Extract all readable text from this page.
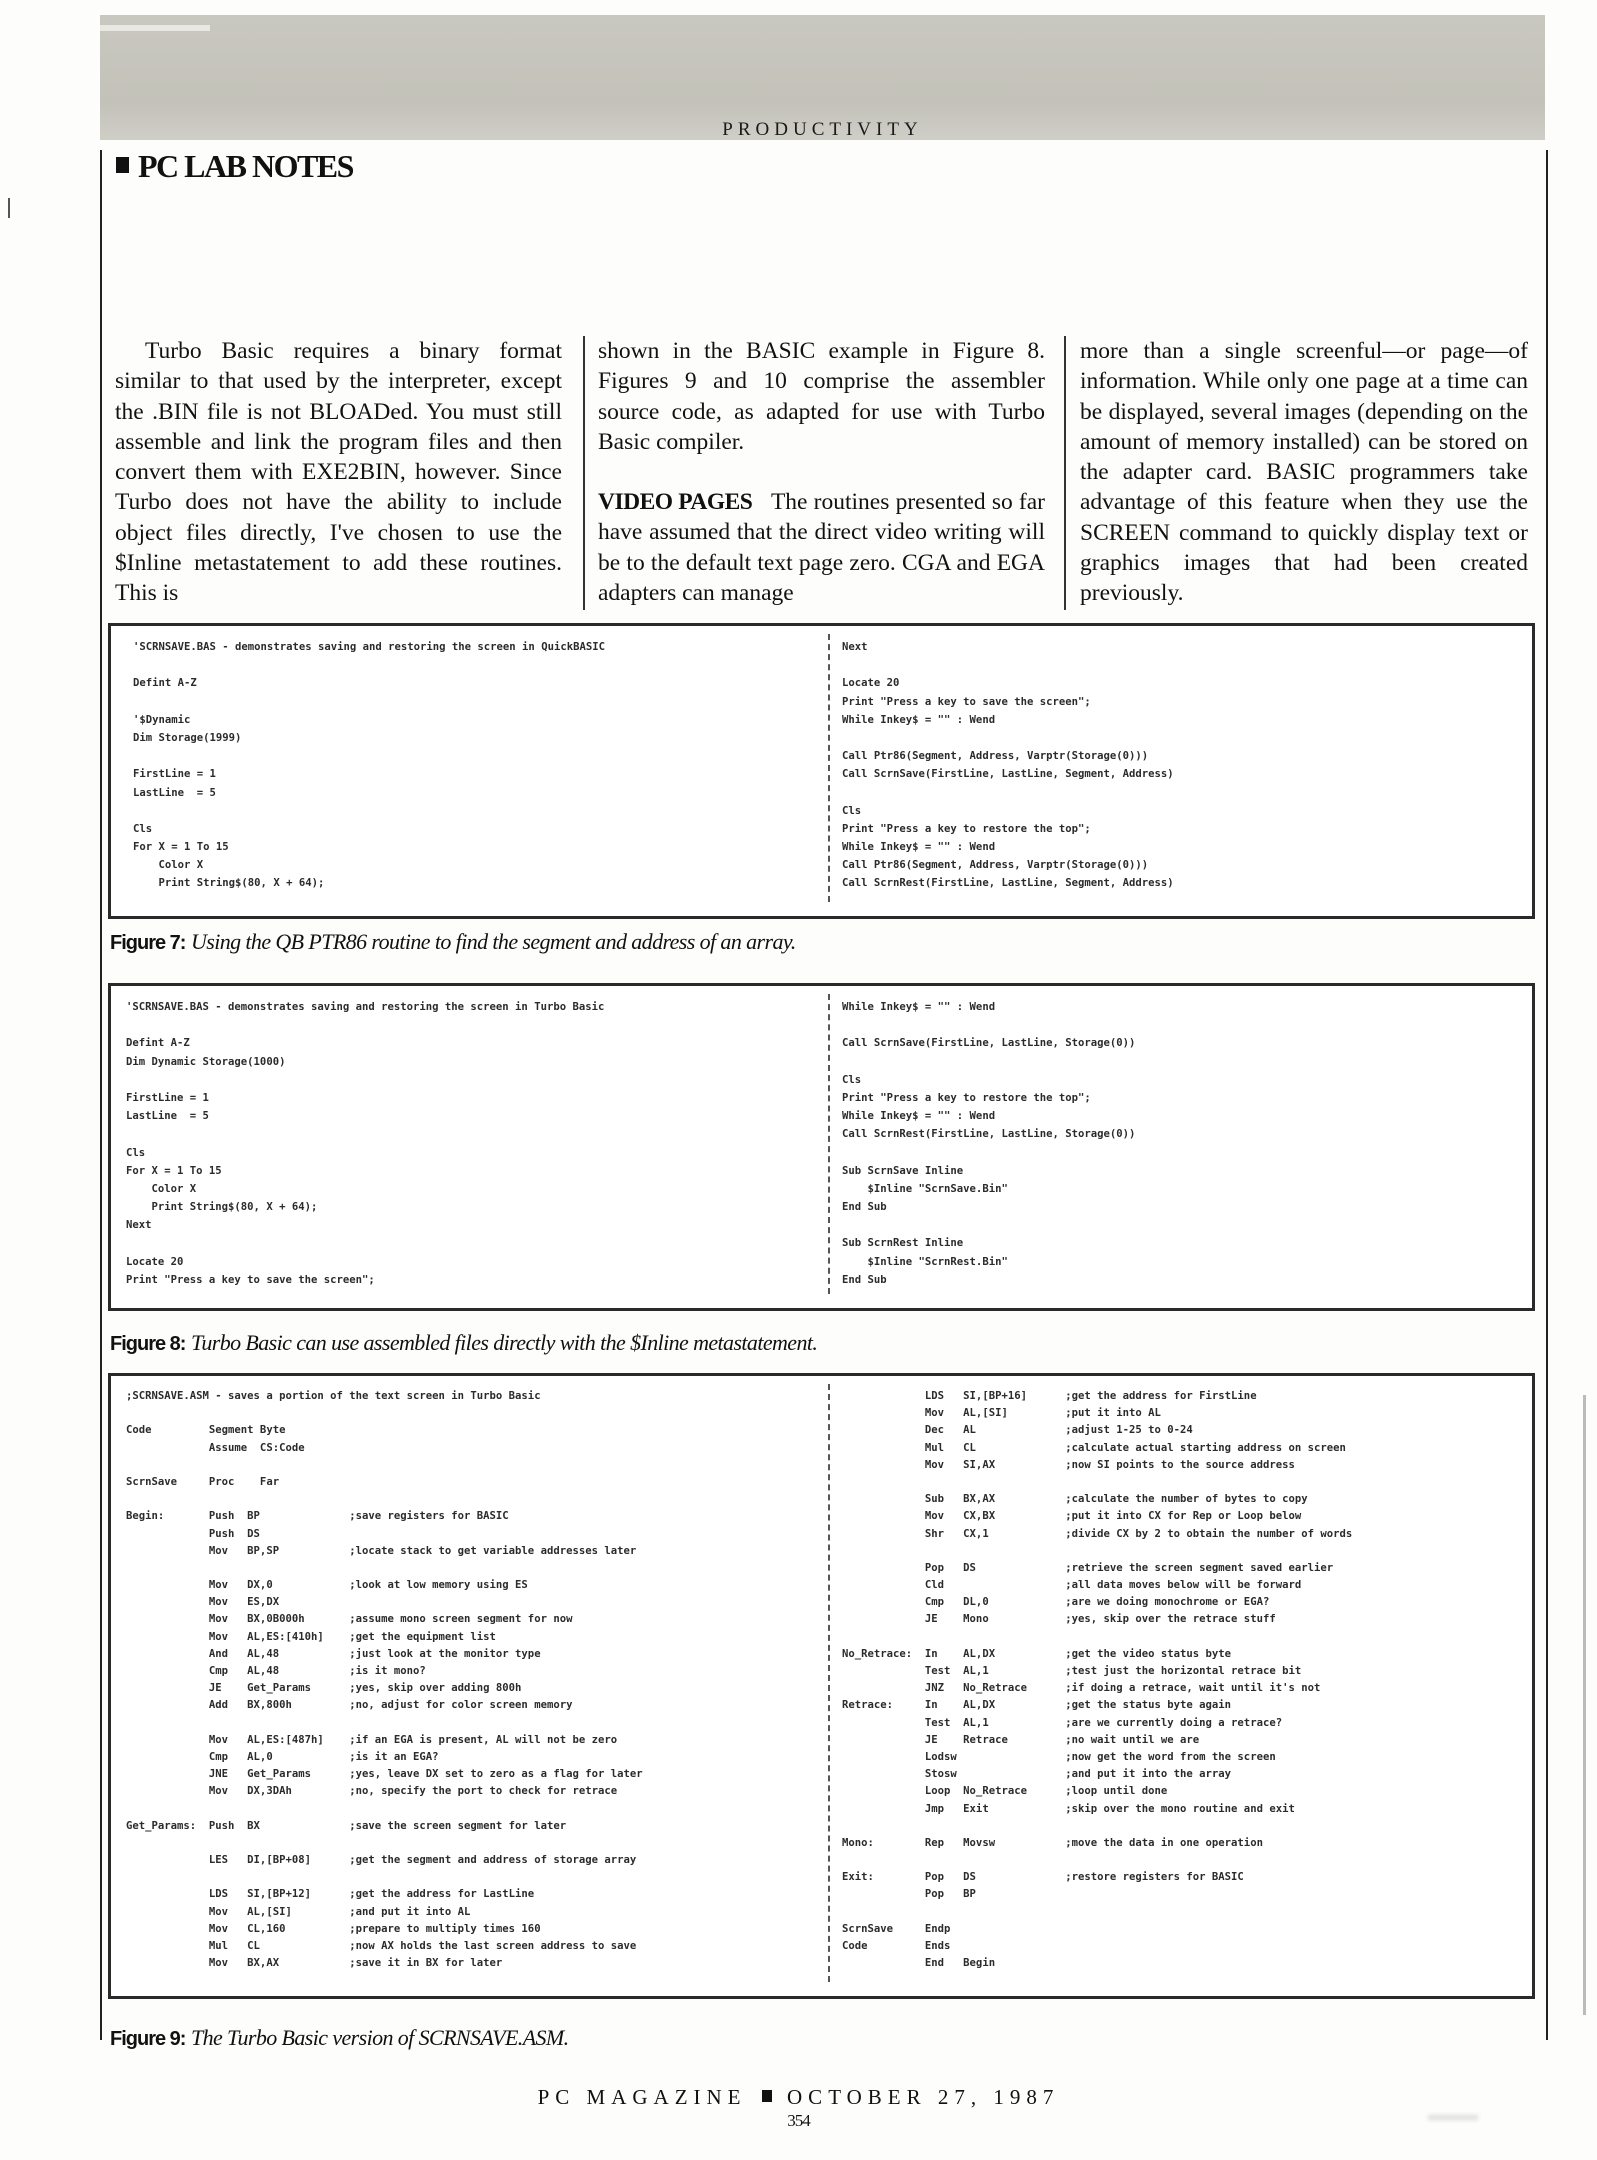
PRODUCTIVITY
PC LAB NOTES

Turbo Basic requires a binary format similar to that used by the interpreter, except the .BIN file is not BLOADed. You must still assemble and link the program files and then convert them with EXE2BIN, however. Since Turbo does not have the ability to include object files directly, I've chosen to use the $Inline metastatement to add these routines. This is

shown in the BASIC example in Figure 8. Figures 9 and 10 comprise the assembler source code, as adapted for use with Turbo Basic compiler.

VIDEO PAGES The routines presented so far have assumed that the direct video writing will be to the default text page zero. CGA and EGA adapters can manage

more than a single screenful—or page—of information. While only one page at a time can be displayed, several images (depending on the amount of memory installed) can be stored on the adapter card. BASIC programmers take advantage of this feature when they use the SCREEN command to quickly display text or graphics images that had been created previously.

'SCRNSAVE.BAS - demonstrates saving and restoring the screen in QuickBASIC
Defint A-Z
'$Dynamic
Dim Storage(1999)
FirstLine = 1
LastLine  = 5
Cls
For X = 1 To 15
Color X
Print String$(80, X + 64);
Next
Locate 20
Print "Press a key to save the screen";
While Inkey$ = "" : Wend
Call Ptr86(Segment, Address, Varptr(Storage(0)))
Call ScrnSave(FirstLine, LastLine, Segment, Address)
Cls
Print "Press a key to restore the top";
While Inkey$ = "" : Wend
Call Ptr86(Segment, Address, Varptr(Storage(0)))
Call ScrnRest(FirstLine, LastLine, Segment, Address)
Figure 7: Using the QB PTR86 routine to find the segment and address of an array.
'SCRNSAVE.BAS - demonstrates saving and restoring the screen in Turbo Basic
Defint A-Z
Dim Dynamic Storage(1000)
FirstLine = 1
LastLine  = 5
Cls
For X = 1 To 15
Color X
Print String$(80, X + 64);
Next
Locate 20
Print "Press a key to save the screen";
While Inkey$ = "" : Wend
Call ScrnSave(FirstLine, LastLine, Storage(0))
Cls
Print "Press a key to restore the top";
While Inkey$ = "" : Wend
Call ScrnRest(FirstLine, LastLine, Storage(0))
Sub ScrnSave Inline
$Inline "ScrnSave.Bin"
End Sub
Sub ScrnRest Inline
$Inline "ScrnRest.Bin"
End Sub
Figure 8: Turbo Basic can use assembled files directly with the $Inline metastatement.
;SCRNSAVE.ASM - saves a portion of the text screen in Turbo Basic
Code         Segment Byte
Assume  CS:Code
ScrnSave     Proc    Far
Begin:       Push  BP              ;save registers for BASIC
Push  DS
Mov   BP,SP           ;locate stack to get variable addresses later
Mov   DX,0            ;look at low memory using ES
Mov   ES,DX
Mov   BX,0B000h       ;assume mono screen segment for now
Mov   AL,ES:[410h]    ;get the equipment list
And   AL,48           ;just look at the monitor type
Cmp   AL,48           ;is it mono?
JE    Get_Params      ;yes, skip over adding 800h
Add   BX,800h         ;no, adjust for color screen memory
Mov   AL,ES:[487h]    ;if an EGA is present, AL will not be zero
Cmp   AL,0            ;is it an EGA?
JNE   Get_Params      ;yes, leave DX set to zero as a flag for later
Mov   DX,3DAh         ;no, specify the port to check for retrace
Get_Params:  Push  BX              ;save the screen segment for later
LES   DI,[BP+08]      ;get the segment and address of storage array
LDS   SI,[BP+12]      ;get the address for LastLine
Mov   AL,[SI]         ;and put it into AL
Mov   CL,160          ;prepare to multiply times 160
Mul   CL              ;now AX holds the last screen address to save
Mov   BX,AX           ;save it in BX for later
LDS   SI,[BP+16]      ;get the address for FirstLine
Mov   AL,[SI]         ;put it into AL
Dec   AL              ;adjust 1-25 to 0-24
Mul   CL              ;calculate actual starting address on screen
Mov   SI,AX           ;now SI points to the source address
Sub   BX,AX           ;calculate the number of bytes to copy
Mov   CX,BX           ;put it into CX for Rep or Loop below
Shr   CX,1            ;divide CX by 2 to obtain the number of words
Pop   DS              ;retrieve the screen segment saved earlier
Cld                   ;all data moves below will be forward
Cmp   DL,0            ;are we doing monochrome or EGA?
JE    Mono            ;yes, skip over the retrace stuff
No_Retrace:  In    AL,DX           ;get the video status byte
Test  AL,1            ;test just the horizontal retrace bit
JNZ   No_Retrace      ;if doing a retrace, wait until it's not
Retrace:     In    AL,DX           ;get the status byte again
Test  AL,1            ;are we currently doing a retrace?
JE    Retrace         ;no wait until we are
Lodsw                 ;now get the word from the screen
Stosw                 ;and put it into the array
Loop  No_Retrace      ;loop until done
Jmp   Exit            ;skip over the mono routine and exit
Mono:        Rep   Movsw           ;move the data in one operation
Exit:        Pop   DS              ;restore registers for BASIC
Pop   BP
ScrnSave     Endp
Code         Ends
End   Begin
Figure 9: The Turbo Basic version of SCRNSAVE.ASM.
PC MAGAZINE OCTOBER 27, 1987
354
